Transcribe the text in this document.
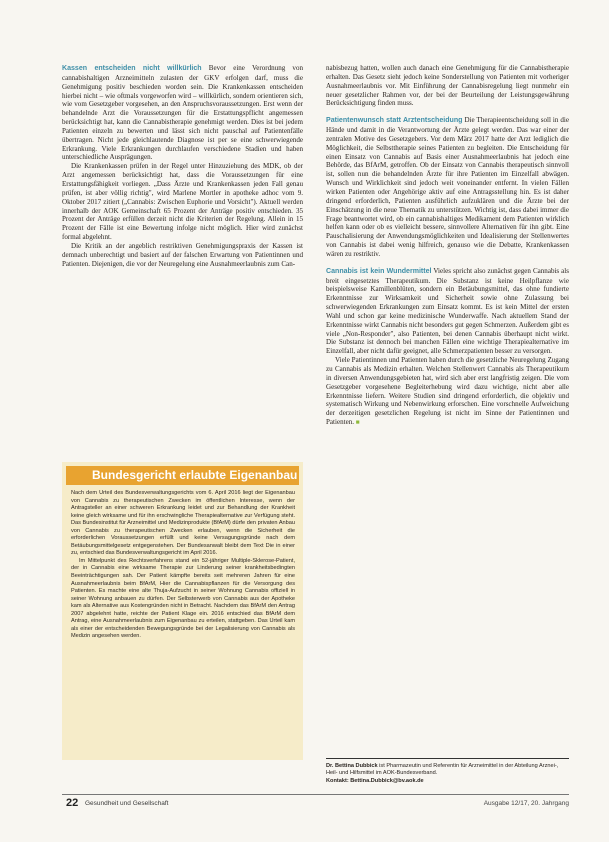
Kassen entscheiden nicht willkürlich Bevor eine Verordnung von cannabishaltigen Arzneimitteln zulasten der GKV erfolgen darf, muss die Genehmigung positiv beschieden worden sein. Die Krankenkassen entscheiden hierbei nicht – wie oftmals vorgeworfen wird – willkürlich, sondern orientieren sich, wie vom Gesetzgeber vorgesehen, an den Anspruchsvoraussetzungen. Erst wenn der behandelnde Arzt die Voraussetzungen für die Erstattungspflicht angemessen berücksichtigt hat, kann die Cannabistherapie genehmigt werden. Dies ist bei jedem Patienten einzeln zu bewerten und lässt sich nicht pauschal auf Patientenfälle übertragen. Nicht jede gleichlautende Diagnose ist per se eine schwerwiegende Erkrankung. Viele Erkrankungen durchlaufen verschiedene Stadien und haben unterschiedliche Ausprägungen.

Die Krankenkassen prüfen in der Regel unter Hinzuziehung des MDK, ob der Arzt angemessen berücksichtigt hat, dass die Voraussetzungen für eine Erstattungsfähigkeit vorliegen. „Dass Ärzte und Krankenkassen jeden Fall genau prüfen, ist aber völlig richtig", wird Marlene Mortler in apotheke adhoc vom 9. Oktober 2017 zitiert („Cannabis: Zwischen Euphorie und Vorsicht"). Aktuell werden innerhalb der AOK Gemeinschaft 65 Prozent der Anträge positiv entschieden. 35 Prozent der Anträge erfüllen derzeit nicht die Kriterien der Regelung. Allein in 15 Prozent der Fälle ist eine Bewertung infolge nicht möglich. Hier wird zunächst formal abgelehnt.

Die Kritik an der angeblich restriktiven Genehmigungspraxis der Kassen ist demnach unberechtigt und basiert auf der falschen Erwartung von Patientinnen und Patienten. Diejenigen, die vor der Neuregelung eine Ausnahmeerlaubnis zum Can-

Bundesgericht erlaubte Eigenanbau

Nach dem Urteil des Bundesverwaltungsgerichts vom 6. April 2016 liegt der Eigenanbau von Cannabis zu therapeutischen Zwecken im öffentlichen Interesse, wenn der Antragsteller an einer schweren Erkrankung leidet und zur Behandlung der Krankheit keine gleich wirksame und für ihn erschwingliche Therapiealternative zur Verfügung steht. Das Bundesinstitut für Arzneimittel und Medizinprodukte (BfArM) dürfe den privaten Anbau von Cannabis zu therapeutischen Zwecken erlauben, wenn die Sicherheit die erforderlichen Voraussetzungen erfüllt und keine Versagungsgründe nach dem Betäubungsmittelgesetz entgegenstehen. Der Bundesanwalt bleibt dem Text Die in einer zu, entschied das Bundesverwaltungsgericht im April 2016.

Im Mittelpunkt des Rechtsverfahrens stand ein 52-jähriger Multiple-Sklerose-Patient, der in Cannabis eine wirksame Therapie zur Linderung seiner krankheitsbedingten Beeinträchtigungen sah. Der Patient kämpfte bereits seit mehreren Jahren für eine Ausnahmeerlaubnis beim BfArM, Hier die Cannabispflanzen für die Versorgung des Patienten. Es machte eine alte Thuja-Aufzucht in seiner Wohnung Cannabis offiziell in seiner Wohnung anbauen zu dürfen. Der Selbsterwerb von Cannabis aus der Apotheke kam als Alternative aus Kostengründen nicht in Betracht. Nachdem das BfArM den Antrag 2007 abgelehnt hatte, reichte der Patient Klage ein. 2016 entschied das BfArM dem Antrag, eine Ausnahmeerlaubnis zum Eigenanbau zu erteilen, stattgeben. Das Urteil kam als einer der entscheidenden Bewegungsgründe bei der Legalisierung von Cannabis als Medizin angesehen werden.

nabisbezug hatten, wollen auch danach eine Genehmigung für die Cannabistherapie erhalten. Das Gesetz sieht jedoch keine Sonderstellung von Patienten mit vorheriger Ausnahmeerlaubnis vor. Mit Einführung der Cannabisregelung liegt nunmehr ein neuer gesetzlicher Rahmen vor, der bei der Beurteilung der Leistungsgewährung Berücksichtigung finden muss.

Patientenwunsch statt Arztentscheidung Die Therapieentscheidung soll in die Hände und damit in die Verantwortung der Ärzte gelegt werden. Das war einer der zentralen Motive des Gesetzgebers. Vor dem März 2017 hatte der Arzt lediglich die Möglichkeit, die Selbsttherapie seines Patienten zu begleiten. Die Entscheidung für einen Einsatz von Cannabis auf Basis einer Ausnahmeerlaubnis hat jedoch eine Behörde, das BfArM, getroffen. Ob der Einsatz von Cannabis therapeutisch sinnvoll ist, sollen nun die behandelnden Ärzte für ihre Patienten im Einzelfall abwägen. Wunsch und Wirklichkeit sind jedoch weit voneinander entfernt. In vielen Fällen wirken Patienten oder Angehörige aktiv auf eine Antragsstellung hin. Es ist daher dringend erforderlich, Patienten ausführlich aufzuklären und die Ärzte bei der Einschätzung in die neue Thematik zu unterstützen. Wichtig ist, dass dabei immer die Frage beantwortet wird, ob ein cannabishaltiges Medikament dem Patienten wirklich helfen kann oder ob es vielleicht bessere, sinnvollere Alternativen für ihn gibt. Eine Pauschalisierung der Anwendungsmöglichkeiten und Idealisierung der Stellenwertes von Cannabis ist dabei wenig hilfreich, genauso wie die Debatte, Krankenkassen wären zu restriktiv.

Cannabis ist kein Wundermittel Vieles spricht also zunächst gegen Cannabis als breit eingesetztes Therapeutikum. Die Substanz ist keine Heilpflanze wie beispielsweise Kamillenblüten, sondern ein Betäubungsmittel, das ohne fundierte Erkenntnisse zur Wirksamkeit und Sicherheit sowie ohne Zulassung bei schwerwiegenden Erkrankungen zum Einsatz kommt. Es ist kein Mittel der ersten Wahl und schon gar keine medizinische Wunderwaffe. Nach aktuellem Stand der Erkenntnisse wirkt Cannabis nicht besonders gut gegen Schmerzen. Außerdem gibt es viele „Non-Responder", also Patienten, bei denen Cannabis überhaupt nicht wirkt. Die Substanz ist dennoch bei manchen Fällen eine wichtige Therapiealternative im Einzelfall, aber nicht dafür geeignet, alle Schmerzpatienten besser zu versorgen.

Viele Patientinnen und Patienten haben durch die gesetzliche Neuregelung Zugang zu Cannabis als Medizin erhalten. Welchen Stellenwert Cannabis als Therapeutikum in diversen Anwendungsgebieten hat, wird sich aber erst langfristig zeigen. Die vom Gesetzgeber vorgesehene Begleiterhebung wird dazu wichtige, nicht aber alle Erkenntnisse liefern. Weitere Studien sind dringend erforderlich, die objektiv und systematisch Wirkung und Nebenwirkung erforschen. Eine vorschnelle Aufweichung der derzeitigen gesetzlichen Regelung ist nicht im Sinne der Patientinnen und Patienten. ■

Dr. Bettina Dubbick ist Pharmazeutin und Referentin für Arzneimittel in der Abteilung Arznei-, Heil- und Hilfsmittel im AOK-Bundesverband.
Kontakt: Bettina.Dubbick@bv.aok.de
22 Gesundheit und Gesellschaft	Ausgabe 12/17, 20. Jahrgang
